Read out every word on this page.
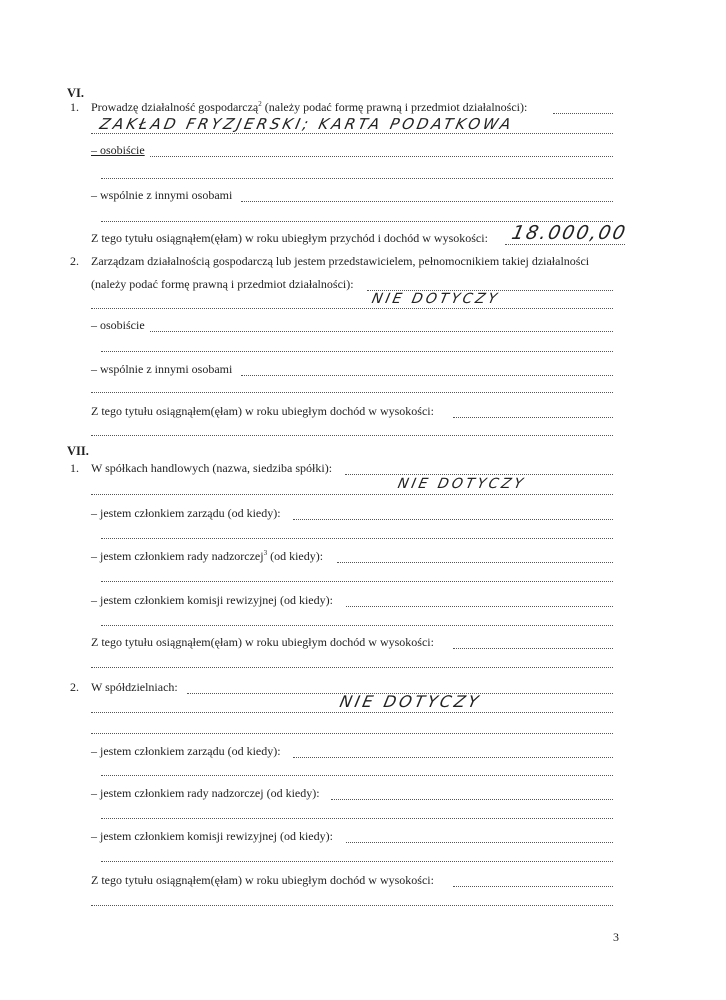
VI.
1. Prowadzę działalność gospodarczą$^2$ (należy podać formę prawną i przedmiot działalności):
ZAKŁAD FRYZJERSKI; KARTA PODATKOWA
– osobiście
– wspólnie z innymi osobami
Z tego tytułu osiągnąłem(ęłam) w roku ubiegłym przychód i dochód w wysokości: 18.000,00
2. Zarządzam działalnością gospodarczą lub jestem przedstawicielem, pełnomocnikiem takiej działalności
(należy podać formę prawną i przedmiot działalności):
NIE DOTYCZY
– osobiście
– wspólnie z innymi osobami
Z tego tytułu osiągnąłem(ęłam) w roku ubiegłym dochód w wysokości:
VII.
1. W spółkach handlowych (nazwa, siedziba spółki):
NIE DOTYCZY
– jestem członkiem zarządu (od kiedy):
– jestem członkiem rady nadzorczej$^3$ (od kiedy):
– jestem członkiem komisji rewizyjnej (od kiedy):
Z tego tytułu osiągnąłem(ęłam) w roku ubiegłym dochód w wysokości:
2. W spółdzielniach:
NIE DOTYCZY
– jestem członkiem zarządu (od kiedy):
– jestem członkiem rady nadzorczej (od kiedy):
– jestem członkiem komisji rewizyjnej (od kiedy):
Z tego tytułu osiągnąłem(ęłam) w roku ubiegłym dochód w wysokości:
3
